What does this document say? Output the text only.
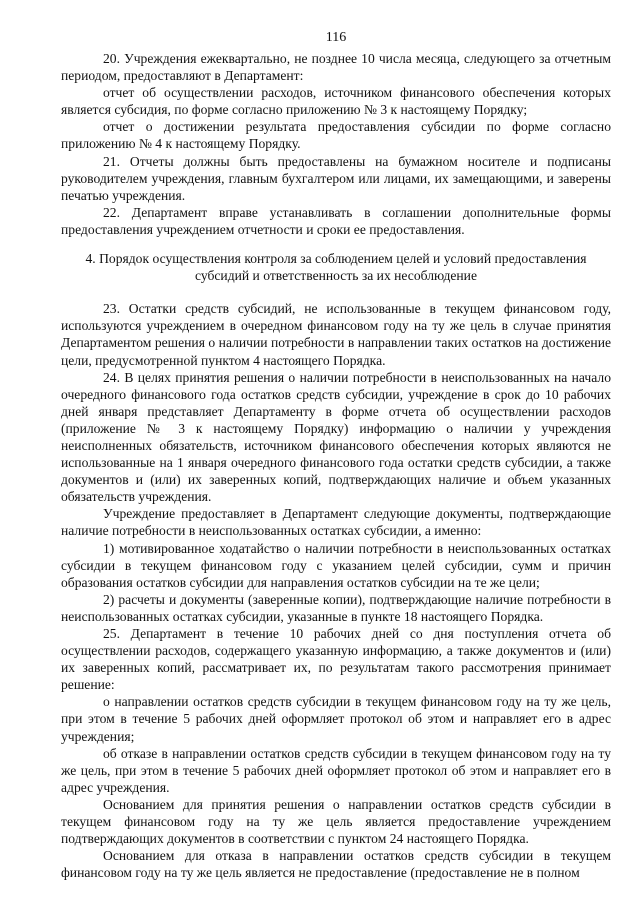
116

20. Учреждения ежеквартально, не позднее 10 числа месяца, следующего за отчетным периодом, предоставляют в Департамент:

отчет об осуществлении расходов, источником финансового обеспечения которых является субсидия, по форме согласно приложению № 3 к настоящему Порядку;

отчет о достижении результата предоставления субсидии по форме согласно приложению № 4 к настоящему Порядку.

21. Отчеты должны быть предоставлены на бумажном носителе и подписаны руководителем учреждения, главным бухгалтером или лицами, их замещающими, и заверены печатью учреждения.

22. Департамент вправе устанавливать в соглашении дополнительные формы предоставления учреждением отчетности и сроки ее предоставления.

4. Порядок осуществления контроля за соблюдением целей и условий предоставления субсидий и ответственность за их несоблюдение

23. Остатки средств субсидий, не использованные в текущем финансовом году, используются учреждением в очередном финансовом году на ту же цель в случае принятия Департаментом решения о наличии потребности в направлении таких остатков на достижение цели, предусмотренной пунктом 4 настоящего Порядка.

24. В целях принятия решения о наличии потребности в неиспользованных на начало очередного финансового года остатков средств субсидии, учреждение в срок до 10 рабочих дней января представляет Департаменту в форме отчета об осуществлении расходов (приложение № 3 к настоящему Порядку) информацию о наличии у учреждения неисполненных обязательств, источником финансового обеспечения которых являются не использованные на 1 января очередного финансового года остатки средств субсидии, а также документов и (или) их заверенных копий, подтверждающих наличие и объем указанных обязательств учреждения.

Учреждение предоставляет в Департамент следующие документы, подтверждающие наличие потребности в неиспользованных остатках субсидии, а именно:

1) мотивированное ходатайство о наличии потребности в неиспользованных остатках субсидии в текущем финансовом году с указанием целей субсидии, сумм и причин образования остатков субсидии для направления остатков субсидии на те же цели;

2) расчеты и документы (заверенные копии), подтверждающие наличие потребности в неиспользованных остатках субсидии, указанные в пункте 18 настоящего Порядка.

25. Департамент в течение 10 рабочих дней со дня поступления отчета об осуществлении расходов, содержащего указанную информацию, а также документов и (или) их заверенных копий, рассматривает их, по результатам такого рассмотрения принимает решение:

о направлении остатков средств субсидии в текущем финансовом году на ту же цель, при этом в течение 5 рабочих дней оформляет протокол об этом и направляет его в адрес учреждения;

об отказе в направлении остатков средств субсидии в текущем финансовом году на ту же цель, при этом в течение 5 рабочих дней оформляет протокол об этом и направляет его в адрес учреждения.

Основанием для принятия решения о направлении остатков средств субсидии в текущем финансовом году на ту же цель является предоставление учреждением подтверждающих документов в соответствии с пунктом 24 настоящего Порядка.

Основанием для отказа в направлении остатков средств субсидии в текущем финансовом году на ту же цель является не предоставление (предоставление не в полном
